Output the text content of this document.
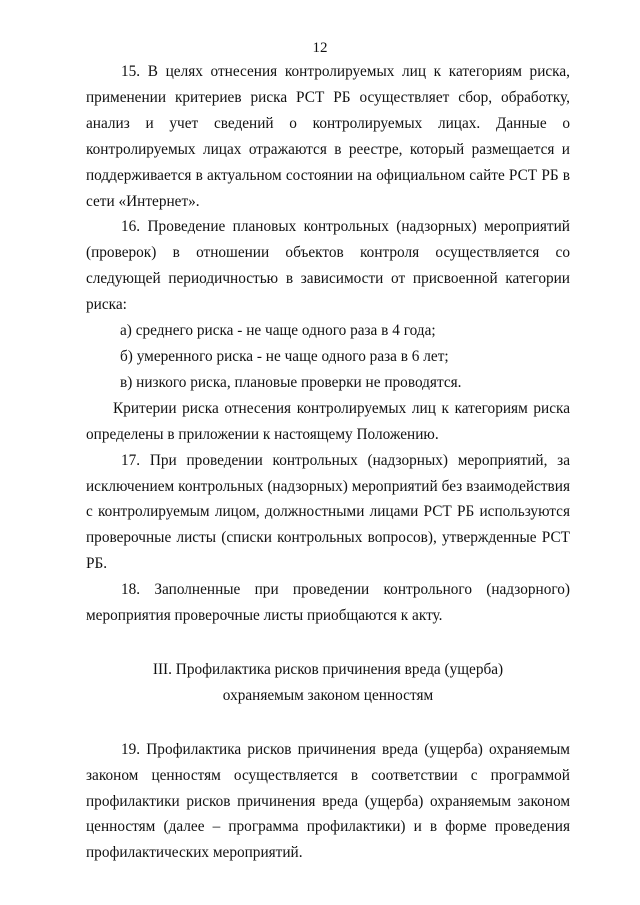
12

15. В целях отнесения контролируемых лиц к категориям риска, применении критериев риска РСТ РБ осуществляет сбор, обработку, анализ и учет сведений о контролируемых лицах. Данные о контролируемых лицах отражаются в реестре, который размещается и поддерживается в актуальном состоянии на официальном сайте РСТ РБ в сети «Интернет».

16. Проведение плановых контрольных (надзорных) мероприятий (проверок) в отношении объектов контроля осуществляется со следующей периодичностью в зависимости от присвоенной категории риска:

а) среднего риска - не чаще одного раза в 4 года;

б) умеренного риска - не чаще одного раза в 6 лет;

в) низкого риска, плановые проверки не проводятся.

Критерии риска отнесения контролируемых лиц к категориям риска определены в приложении к настоящему Положению.

17. При проведении контрольных (надзорных) мероприятий, за исключением контрольных (надзорных) мероприятий без взаимодействия с контролируемым лицом, должностными лицами РСТ РБ используются проверочные листы (списки контрольных вопросов), утвержденные РСТ РБ.

18. Заполненные при проведении контрольного (надзорного) мероприятия проверочные листы приобщаются к акту.

III. Профилактика рисков причинения вреда (ущерба)

охраняемым законом ценностям

19. Профилактика рисков причинения вреда (ущерба) охраняемым законом ценностям осуществляется в соответствии с программой профилактики рисков причинения вреда (ущерба) охраняемым законом ценностям (далее – программа профилактики) и в форме проведения профилактических мероприятий.
